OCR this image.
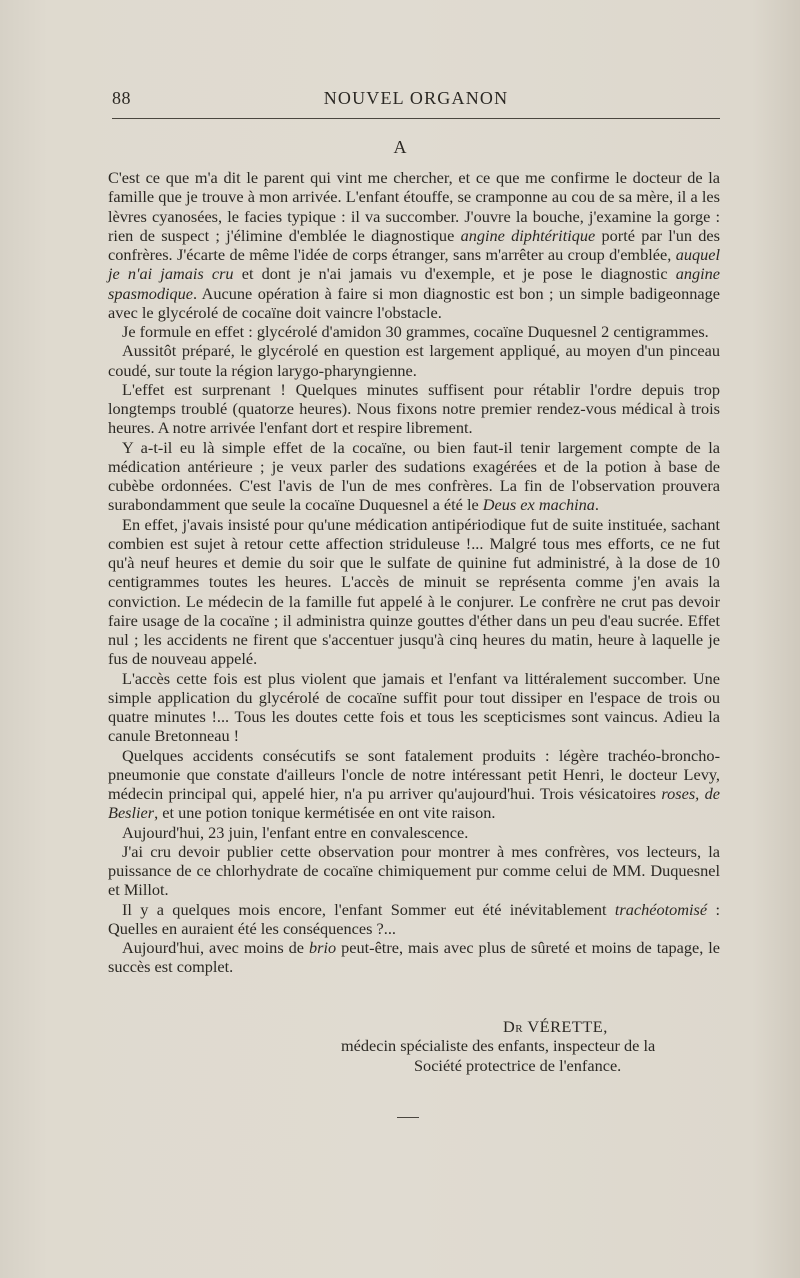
88	NOUVEL ORGANON
A

C'est ce que m'a dit le parent qui vint me chercher, et ce que me confirme le docteur de la famille que je trouve à mon arrivée. L'enfant étouffe, se cramponne au cou de sa mère, il a les lèvres cyanosées, le facies typique : il va succomber. J'ouvre la bouche, j'examine la gorge : rien de suspect ; j'élimine d'emblée le diagnostique angine diphtéritique porté par l'un des confrères. J'écarte de même l'idée de corps étranger, sans m'arrêter au croup d'emblée, auquel je n'ai jamais cru et dont je n'ai jamais vu d'exemple, et je pose le diagnostic angine spasmodique. Aucune opération à faire si mon diagnostic est bon ; un simple badigeonnage avec le glycérolé de cocaïne doit vaincre l'obstacle.

Je formule en effet : glycérolé d'amidon 30 grammes, cocaïne Duquesnel 2 centigrammes.

Aussitôt préparé, le glycérolé en question est largement appliqué, au moyen d'un pinceau coudé, sur toute la région larygo-pharyngienne.

L'effet est surprenant ! Quelques minutes suffisent pour rétablir l'ordre depuis trop longtemps troublé (quatorze heures). Nous fixons notre premier rendez-vous médical à trois heures. A notre arrivée l'enfant dort et respire librement.

Y a-t-il eu là simple effet de la cocaïne, ou bien faut-il tenir largement compte de la médication antérieure ; je veux parler des sudations exagérées et de la potion à base de cubèbe ordonnées. C'est l'avis de l'un de mes confrères. La fin de l'observation prouvera surabondamment que seule la cocaïne Duquesnel a été le Deus ex machina.

En effet, j'avais insisté pour qu'une médication antipériodique fut de suite instituée, sachant combien est sujet à retour cette affection striduleuse !... Malgré tous mes efforts, ce ne fut qu'à neuf heures et demie du soir que le sulfate de quinine fut administré, à la dose de 10 centigrammes toutes les heures. L'accès de minuit se représenta comme j'en avais la conviction. Le médecin de la famille fut appelé à le conjurer. Le confrère ne crut pas devoir faire usage de la cocaïne ; il administra quinze gouttes d'éther dans un peu d'eau sucrée. Effet nul ; les accidents ne firent que s'accentuer jusqu'à cinq heures du matin, heure à laquelle je fus de nouveau appelé.

L'accès cette fois est plus violent que jamais et l'enfant va littéralement succomber. Une simple application du glycérolé de cocaïne suffit pour tout dissiper en l'espace de trois ou quatre minutes !... Tous les doutes cette fois et tous les scepticismes sont vaincus. Adieu la canule Bretonneau !

Quelques accidents consécutifs se sont fatalement produits : légère trachéo-broncho-pneumonie que constate d'ailleurs l'oncle de notre intéressant petit Henri, le docteur Levy, médecin principal qui, appelé hier, n'a pu arriver qu'aujourd'hui. Trois vésicatoires roses, de Beslier, et une potion tonique kermétisée en ont vite raison.

Aujourd'hui, 23 juin, l'enfant entre en convalescence.

J'ai cru devoir publier cette observation pour montrer à mes confrères, vos lecteurs, la puissance de ce chlorhydrate de cocaïne chimiquement pur comme celui de MM. Duquesnel et Millot.

Il y a quelques mois encore, l'enfant Sommer eut été inévitablement trachéotomisé : Quelles en auraient été les conséquences ?...

Aujourd'hui, avec moins de brio peut-être, mais avec plus de sûreté et moins de tapage, le succès est complet.

Dr VÉRETTE,
médecin spécialiste des enfants, inspecteur de la
Société protectrice de l'enfance.
